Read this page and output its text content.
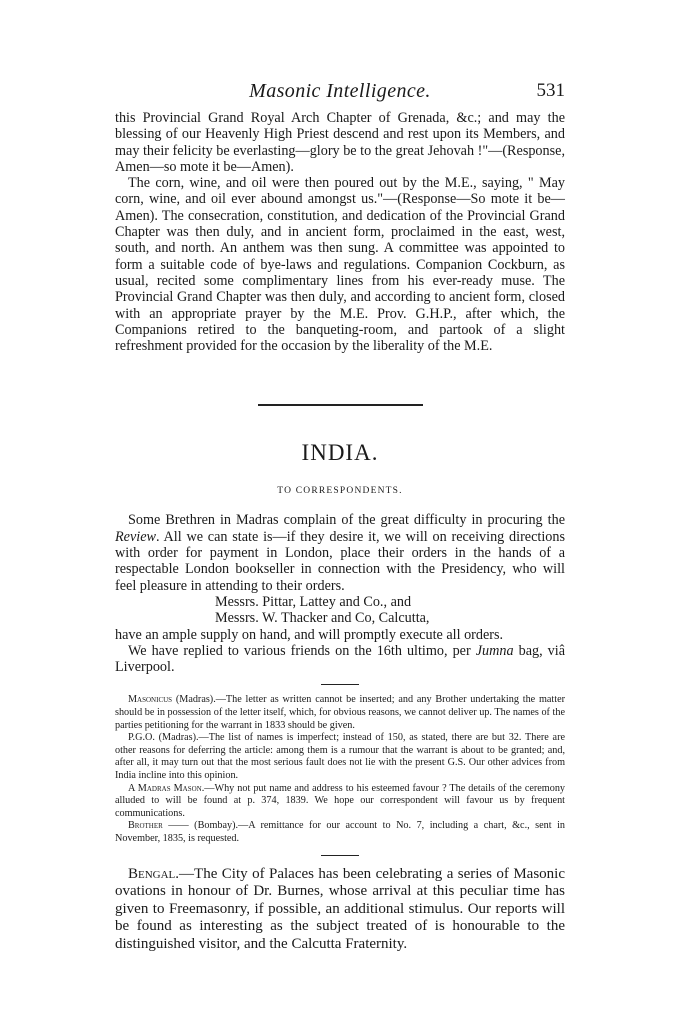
Masonic Intelligence.	531

this Provincial Grand Royal Arch Chapter of Grenada, &c.; and may the blessing of our Heavenly High Priest descend and rest upon its Members, and may their felicity be everlasting—glory be to the great Jehovah !"—(Response, Amen—so mote it be—Amen).

The corn, wine, and oil were then poured out by the M.E., saying, " May corn, wine, and oil ever abound amongst us."—(Response—So mote it be—Amen). The consecration, constitution, and dedication of the Provincial Grand Chapter was then duly, and in ancient form, proclaimed in the east, west, south, and north. An anthem was then sung. A committee was appointed to form a suitable code of bye-laws and regulations. Companion Cockburn, as usual, recited some complimentary lines from his ever-ready muse. The Provincial Grand Chapter was then duly, and according to ancient form, closed with an appropriate prayer by the M.E. Prov. G.H.P., after which, the Companions retired to the banqueting-room, and partook of a slight refreshment provided for the occasion by the liberality of the M.E.

INDIA.
TO CORRESPONDENTS.

Some Brethren in Madras complain of the great difficulty in procuring the Review. All we can state is—if they desire it, we will on receiving directions with order for payment in London, place their orders in the hands of a respectable London bookseller in connection with the Presidency, who will feel pleasure in attending to their orders.

Messrs. Pittar, Lattey and Co., and
Messrs. W. Thacker and Co, Calcutta,

have an ample supply on hand, and will promptly execute all orders.

We have replied to various friends on the 16th ultimo, per Jumna bag, viâ Liverpool.

Masonicus (Madras).—The letter as written cannot be inserted; and any Brother undertaking the matter should be in possession of the letter itself, which, for obvious reasons, we cannot deliver up. The names of the parties petitioning for the warrant in 1833 should be given.

P.G.O. (Madras).—The list of names is imperfect; instead of 150, as stated, there are but 32. There are other reasons for deferring the article: among them is a rumour that the warrant is about to be granted; and, after all, it may turn out that the most serious fault does not lie with the present G.S. Our other advices from India incline into this opinion.

A Madras Mason.—Why not put name and address to his esteemed favour ? The details of the ceremony alluded to will be found at p. 374, 1839. We hope our correspondent will favour us by frequent communications.

Brother —— (Bombay).—A remittance for our account to No. 7, including a chart, &c., sent in November, 1835, is requested.

Bengal.—The City of Palaces has been celebrating a series of Masonic ovations in honour of Dr. Burnes, whose arrival at this peculiar time has given to Freemasonry, if possible, an additional stimulus. Our reports will be found as interesting as the subject treated of is honourable to the distinguished visitor, and the Calcutta Fraternity.
